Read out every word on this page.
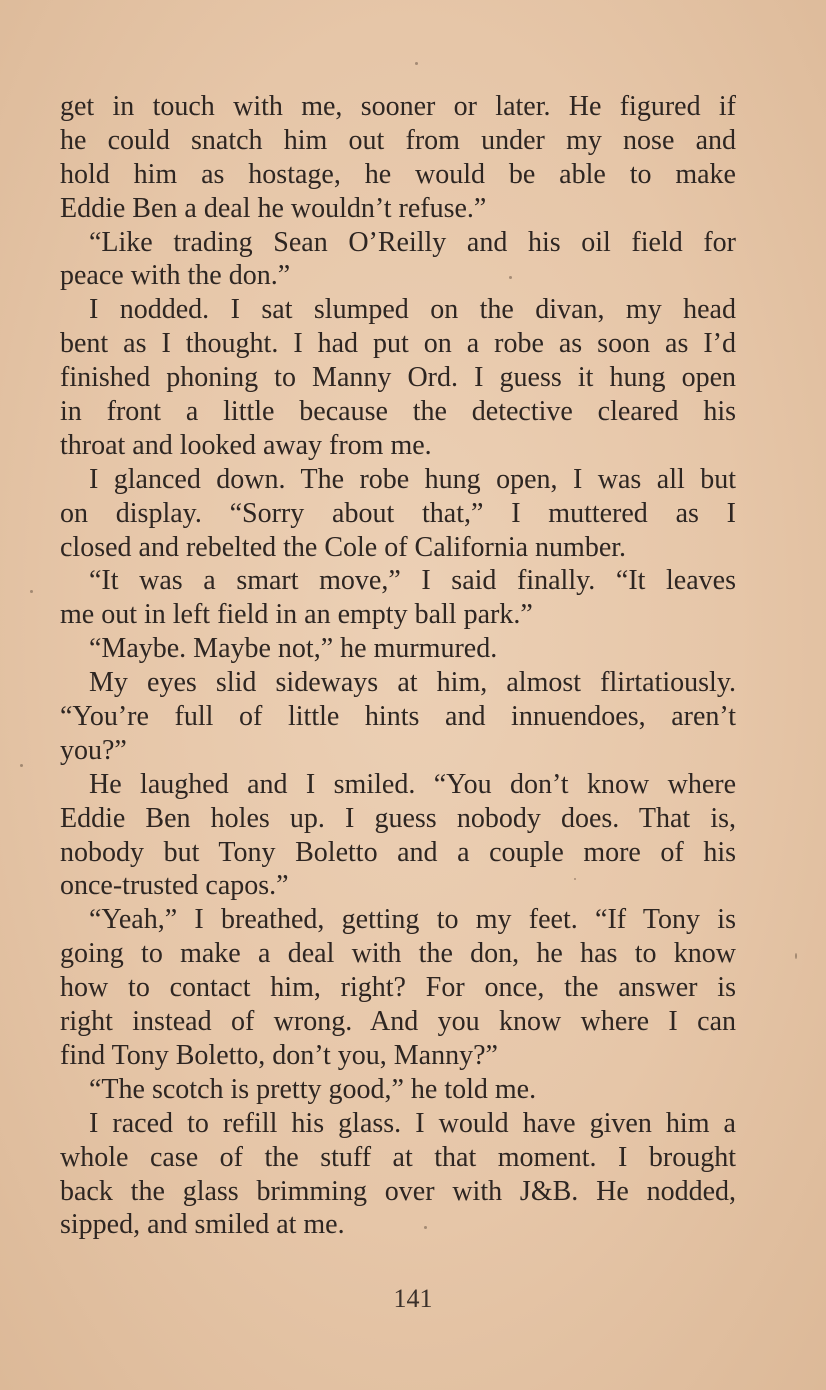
get in touch with me, sooner or later. He figured if
he could snatch him out from under my nose and
hold him as hostage, he would be able to make
Eddie Ben a deal he wouldn’t refuse.”
“Like trading Sean O’Reilly and his oil field for
peace with the don.”
I nodded. I sat slumped on the divan, my head
bent as I thought. I had put on a robe as soon as I’d
finished phoning to Manny Ord. I guess it hung open
in front a little because the detective cleared his
throat and looked away from me.
I glanced down. The robe hung open, I was all but
on display. “Sorry about that,” I muttered as I
closed and rebelted the Cole of California number.
“It was a smart move,” I said finally. “It leaves
me out in left field in an empty ball park.”
“Maybe. Maybe not,” he murmured.
My eyes slid sideways at him, almost flirtatiously.
“You’re full of little hints and innuendoes, aren’t
you?”
He laughed and I smiled. “You don’t know where
Eddie Ben holes up. I guess nobody does. That is,
nobody but Tony Boletto and a couple more of his
once-trusted capos.”
“Yeah,” I breathed, getting to my feet. “If Tony is
going to make a deal with the don, he has to know
how to contact him, right? For once, the answer is
right instead of wrong. And you know where I can
find Tony Boletto, don’t you, Manny?”
“The scotch is pretty good,” he told me.
I raced to refill his glass. I would have given him a
whole case of the stuff at that moment. I brought
back the glass brimming over with J&B. He nodded,
sipped, and smiled at me.
141
